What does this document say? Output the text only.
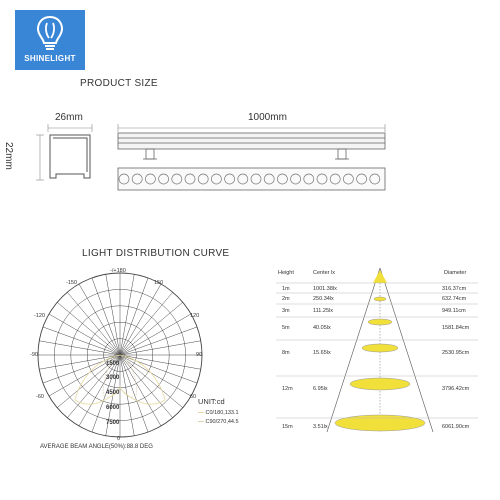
SHINELIGHT
PRODUCT SIZE
26mm	1000mm
22mm
LIGHT DISTRIBUTION CURVE
-/+180
150
-150
120
-120
90
-90
60
-60
0
1500
3000
4500
6000
7500
UNIT:cd
C0/180,133.1
C90/270,44.5
AVERAGE BEAM ANGLE(50%):88.8 DEG
Height	Center lx	Diameter
1m	1001.38lx	316.37cm
2m	250.34lx	632.74cm
3m	111.25lx	949.11cm
5m	40.05lx	1581.84cm
8m	15.65lx	2530.95cm
12m	6.95lx	3796.42cm
15m	3.51lx	6061.90cm
